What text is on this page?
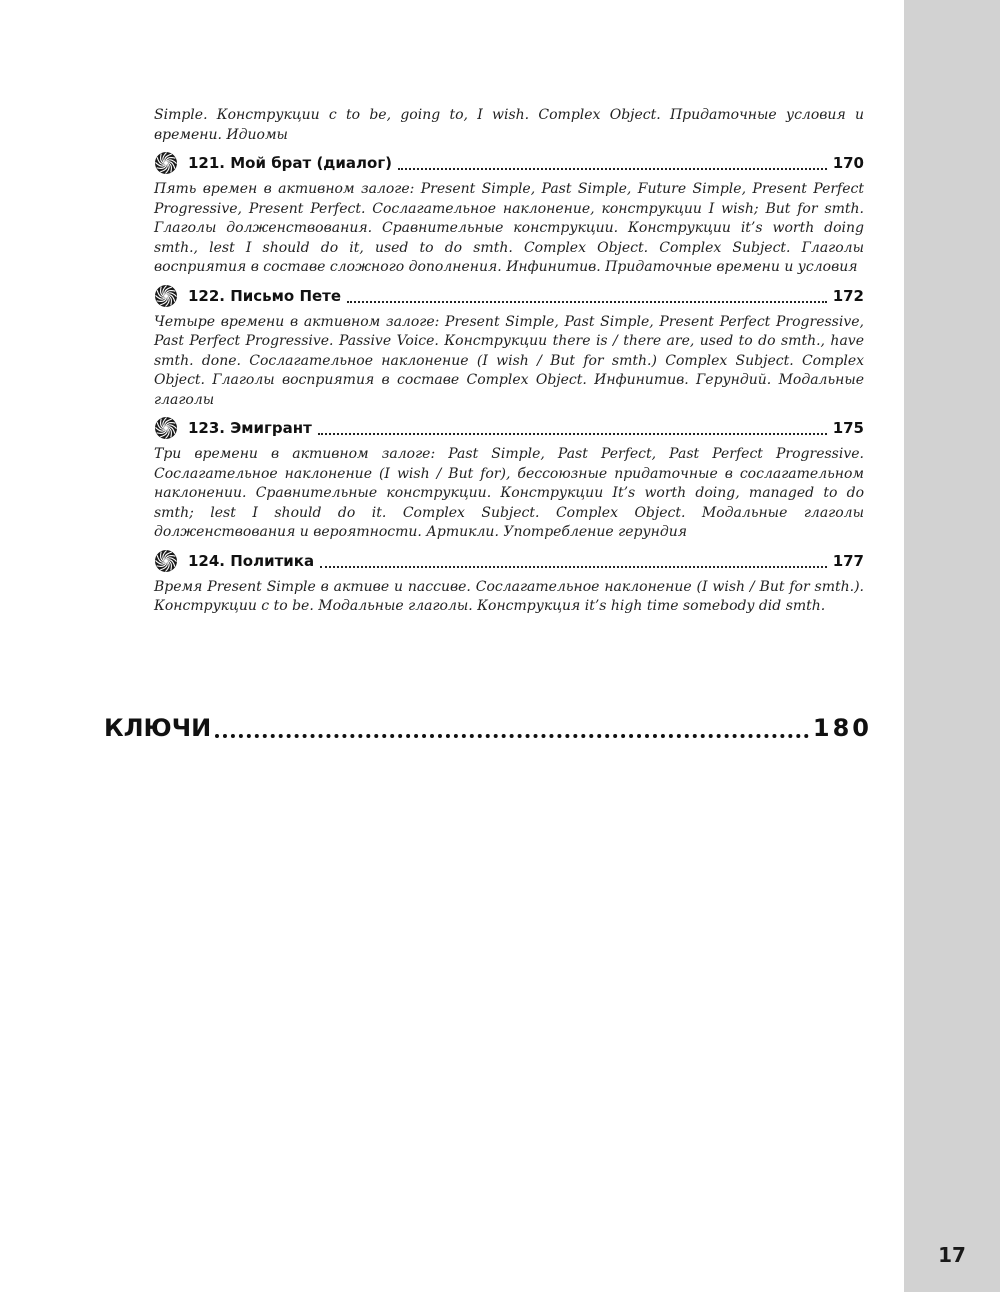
17

Simple. Конструкции с to be, going to, I wish. Complex Object. Придаточные условия и времени. Идиомы

121. Мой брат (диалог)	170

Пять времен в активном залоге: Present Simple, Past Simple, Future Simple, Present Perfect Progressive, Present Perfect. Сослагательное наклонение, конструкции I wish; But for smth. Глаголы долженствования. Сравнительные конструкции. Конструкции it’s worth doing smth., lest I should do it, used to do smth. Complex Object. Complex Subject. Глаголы восприятия в составе сложного дополнения. Инфинитив. Придаточные времени и условия

122. Письмо Пете	172

Четыре времени в активном залоге: Present Simple, Past Simple, Present Perfect Progressive, Past Perfect Progressive. Passive Voice. Конструкции there is / there are, used to do smth., have smth. done. Сослагательное наклонение (I wish / But for smth.) Complex Subject. Complex Object. Глаголы восприятия в составе Complex Object. Инфинитив. Герундий. Модальные глаголы

123. Эмигрант	175

Три времени в активном залоге: Past Simple, Past Perfect, Past Perfect Progressive. Сослагательное наклонение (I wish / But for), бессоюзные придаточные в сослагательном наклонении. Сравнительные конструкции. Конструкции It’s worth doing, managed to do smth; lest I should do it. Complex Subject. Complex Object. Модальные глаголы долженствования и вероятности. Артикли. Употребление герундия

124. Политика	177

Время Present Simple в активе и пассиве. Сослагательное наклонение (I wish / But for smth.). Конструкции с to be. Модальные глаголы. Конструкция it’s high time somebody did smth.

КЛЮЧИ	180
